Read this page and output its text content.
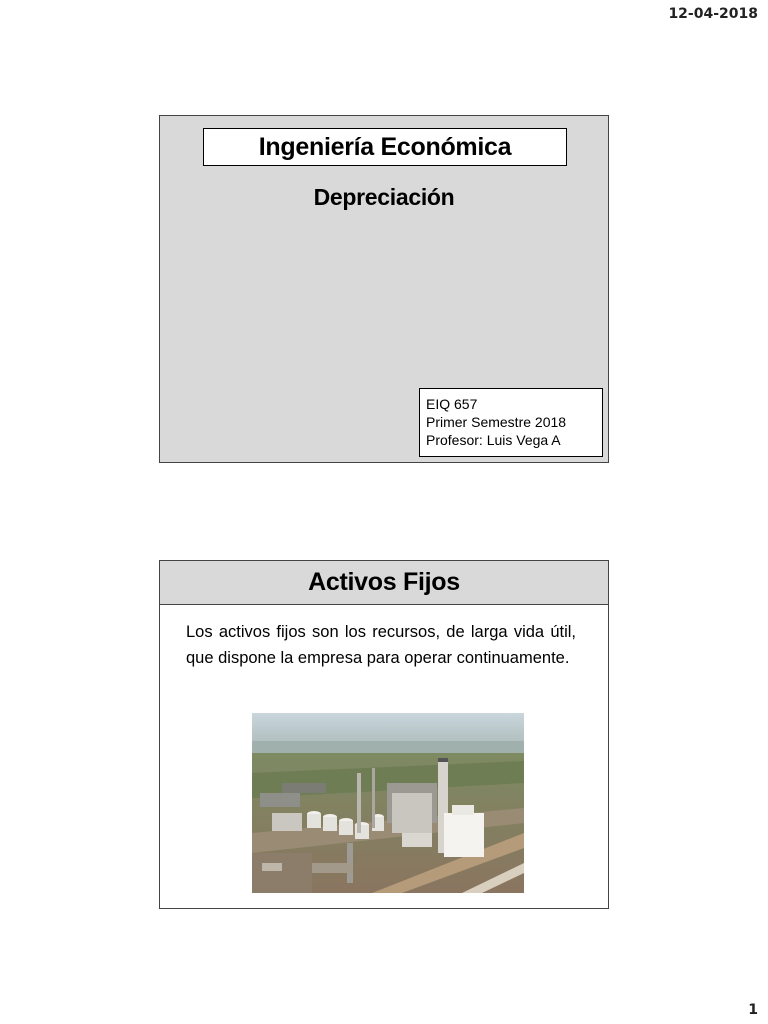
12-04-2018
Ingeniería Económica
Depreciación
EIQ 657
Primer Semestre 2018
Profesor: Luis Vega A
Activos Fijos
Los activos fijos son los recursos, de larga vida útil, que dispone la empresa para operar continuamente.
1
